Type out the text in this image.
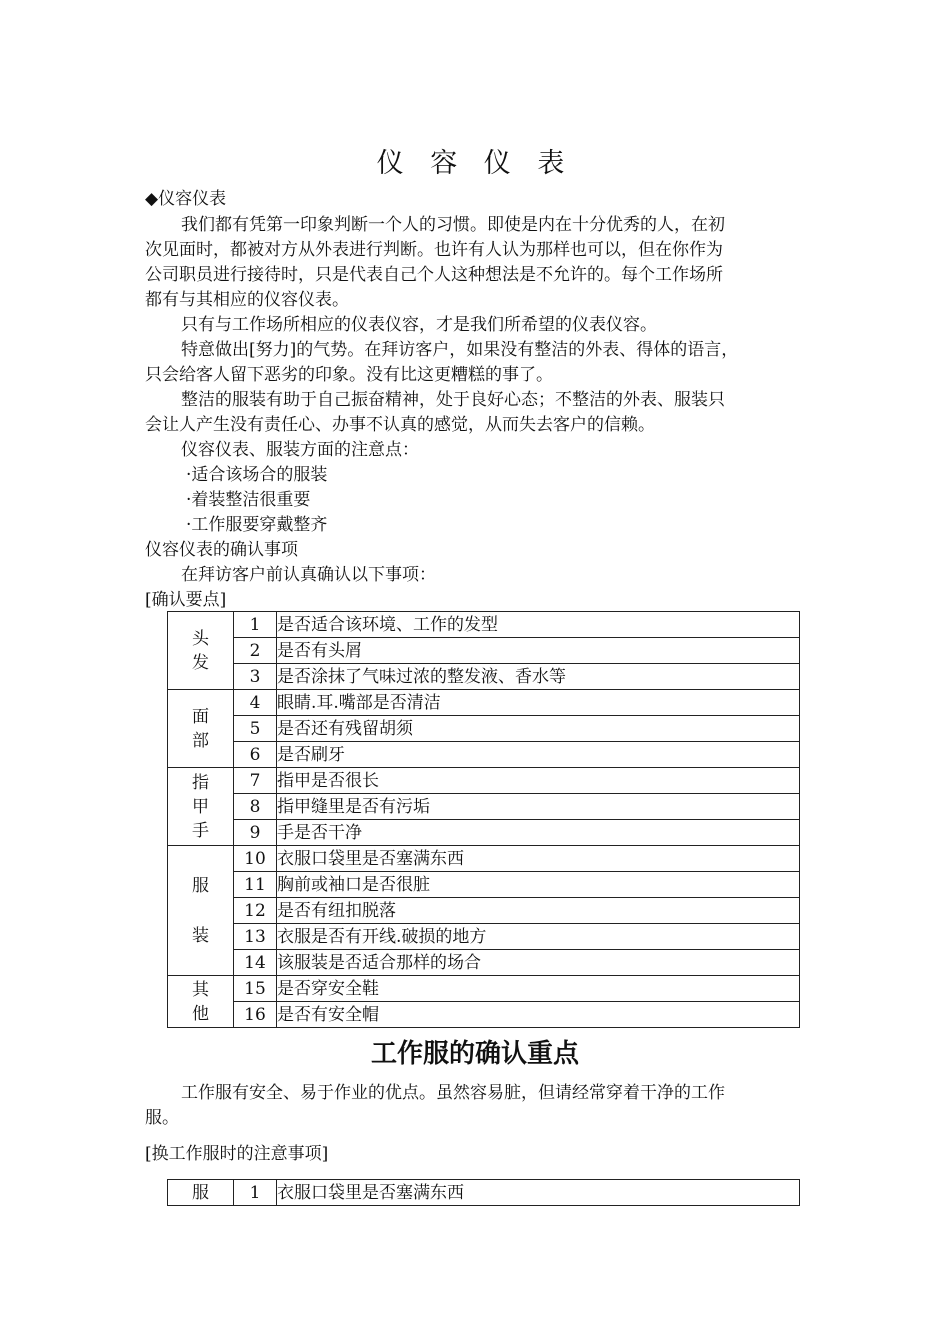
仪 容 仪 表
◆仪容仪表
我们都有凭第一印象判断一个人的习惯。即使是内在十分优秀的人，在初
次见面时，都被对方从外表进行判断。也许有人认为那样也可以，但在你作为
公司职员进行接待时，只是代表自己个人这种想法是不允许的。每个工作场所
都有与其相应的仪容仪表。
只有与工作场所相应的仪表仪容，才是我们所希望的仪表仪容。
特意做出[努力]的气势。在拜访客户，如果没有整洁的外表、得体的语言，
只会给客人留下恶劣的印象。没有比这更糟糕的事了。
整洁的服装有助于自己振奋精神，处于良好心态；不整洁的外表、服装只
会让人产生没有责任心、办事不认真的感觉，从而失去客户的信赖。
仪容仪表、服装方面的注意点：
·适合该场合的服装
·着装整洁很重要
·工作服要穿戴整齐
仪容仪表的确认事项
在拜访客户前认真确认以下事项：
[确认要点]
头
发	1	是否适合该环境、工作的发型
	2	是否有头屑
	3	是否涂抹了气味过浓的整发液、香水等

面
部	4	眼睛.耳.嘴部是否清洁
	5	是否还有残留胡须
	6	是否刷牙

指
甲
手	7	指甲是否很长
	8	指甲缝里是否有污垢
	9	手是否干净

服
装	10	衣服口袋里是否塞满东西
	11	胸前或袖口是否很脏
	12	是否有纽扣脱落
	13	衣服是否有开线.破损的地方
	14	该服装是否适合那样的场合

其
他	15	是否穿安全鞋
	16	是否有安全帽
工作服的确认重点
工作服有安全、易于作业的优点。虽然容易脏，但请经常穿着干净的工作
服。
[换工作服时的注意事项]
服	1	衣服口袋里是否塞满东西
